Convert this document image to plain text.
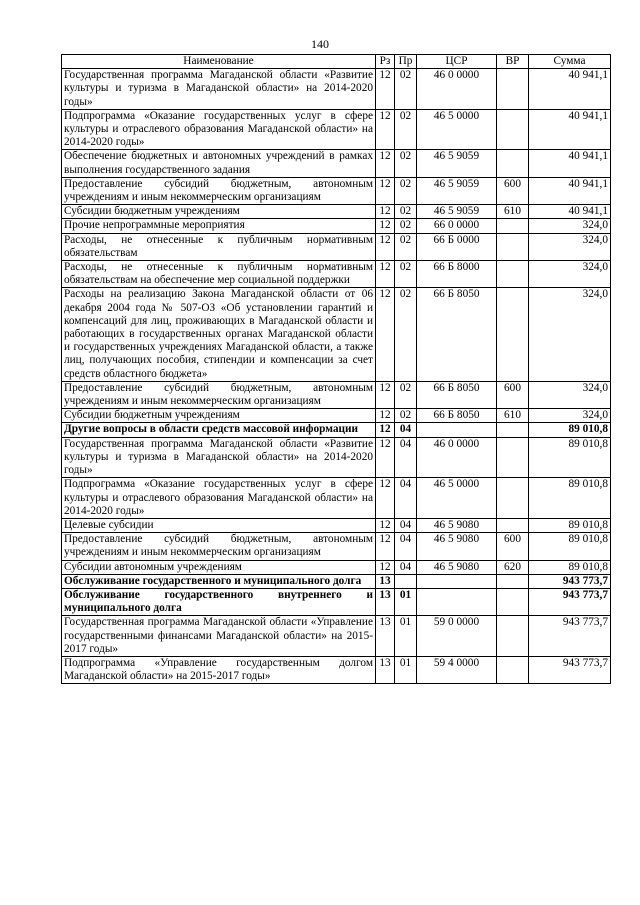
140
Наименование	Рз	Пр	ЦСР	ВР	Сумма
Государственная программа Магаданской области «Развитие культуры и туризма в Магаданской области» на 2014-2020 годы»	12	02	46 0 0000		40 941,1
Подпрограмма «Оказание государственных услуг в сфере культуры и отраслевого образования Магаданской области» на 2014-2020 годы»	12	02	46 5 0000		40 941,1
Обеспечение бюджетных и автономных учреждений в рамках выполнения государственного задания	12	02	46 5 9059		40 941,1
Предоставление субсидий бюджетным, автономным учреждениям и иным некоммерческим организациям	12	02	46 5 9059	600	40 941,1
Субсидии бюджетным учреждениям	12	02	46 5 9059	610	40 941,1
Прочие непрограммные мероприятия	12	02	66 0 0000		324,0
Расходы, не отнесенные к публичным нормативным обязательствам	12	02	66 Б 0000		324,0
Расходы, не отнесенные к публичным нормативным обязательствам на обеспечение мер социальной поддержки	12	02	66 Б 8000		324,0
Расходы на реализацию Закона Магаданской области от 06 декабря 2004 года № 507-ОЗ «Об установлении гарантий и компенсаций для лиц, проживающих в Магаданской области и работающих в государственных органах Магаданской области и государственных учреждениях Магаданской области, а также лиц, получающих пособия, стипендии и компенсации за счет средств областного бюджета»	12	02	66 Б 8050		324,0
Предоставление субсидий бюджетным, автономным учреждениям и иным некоммерческим организациям	12	02	66 Б 8050	600	324,0
Субсидии бюджетным учреждениям	12	02	66 Б 8050	610	324,0
Другие вопросы в области средств массовой информации	12	04			89 010,8
Государственная программа Магаданской области «Развитие культуры и туризма в Магаданской области» на 2014-2020 годы»	12	04	46 0 0000		89 010,8
Подпрограмма «Оказание государственных услуг в сфере культуры и отраслевого образования Магаданской области» на 2014-2020 годы»	12	04	46 5 0000		89 010,8
Целевые субсидии	12	04	46 5 9080		89 010,8
Предоставление субсидий бюджетным, автономным учреждениям и иным некоммерческим организациям	12	04	46 5 9080	600	89 010,8
Субсидии автономным учреждениям	12	04	46 5 9080	620	89 010,8
Обслуживание государственного и муниципального долга	13				943 773,7
Обслуживание государственного внутреннего и муниципального долга	13	01			943 773,7
Государственная программа Магаданской области «Управление государственными финансами Магаданской области» на 2015-2017 годы»	13	01	59 0 0000		943 773,7
Подпрограмма «Управление государственным долгом Магаданской области» на 2015-2017 годы»	13	01	59 4 0000		943 773,7
